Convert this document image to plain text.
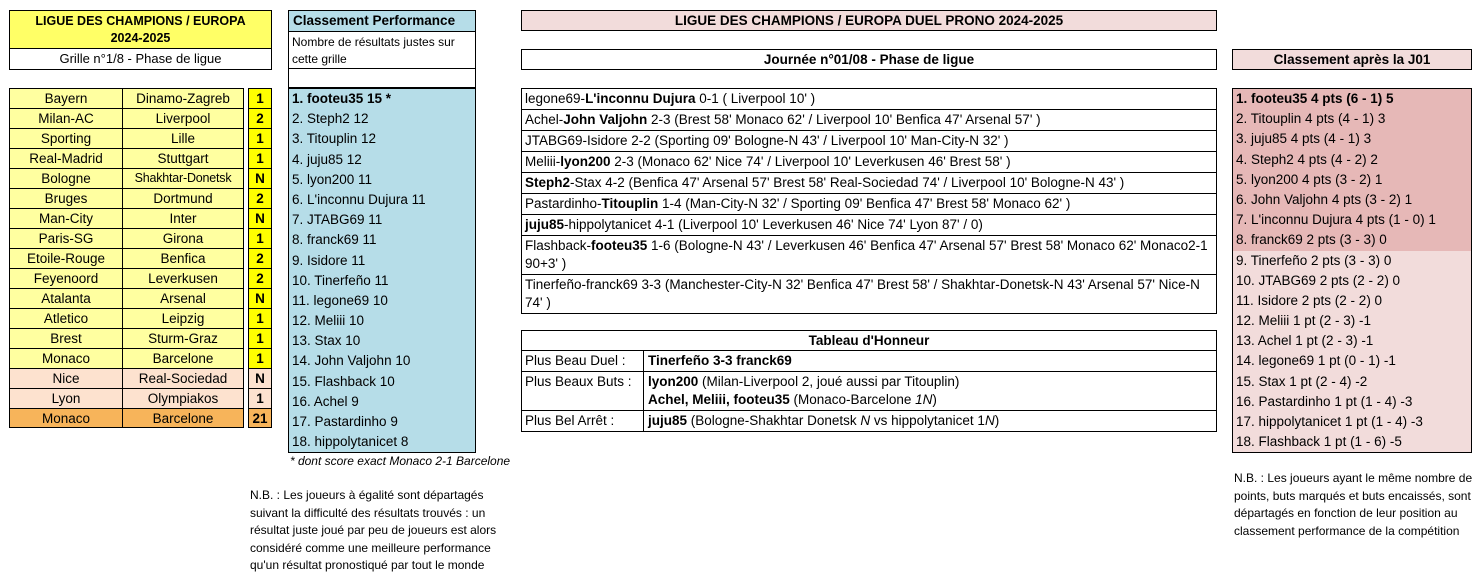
LIGUE DES CHAMPIONS / EUROPA
2024-2025
Grille n°1/8 - Phase de ligue
Bayern	Dinamo-Zagreb	1
Milan-AC	Liverpool	2
Sporting	Lille	1
Real-Madrid	Stuttgart	1
Bologne	Shakhtar-Donetsk	N
Bruges	Dortmund	2
Man-City	Inter	N
Paris-SG	Girona	1
Etoile-Rouge	Benfica	2
Feyenoord	Leverkusen	2
Atalanta	Arsenal	N
Atletico	Leipzig	1
Brest	Sturm-Graz	1
Monaco	Barcelone	1
Nice	Real-Sociedad	N
Lyon	Olympiakos	1
Monaco	Barcelone	21
Classement Performance
Nombre de résultats justes sur cette grille
1. footeu35 15 *
2. Steph2 12
3. Titouplin 12
4. juju85 12
5. lyon200 11
6. L'inconnu Dujura 11
7. JTABG69 11
8. franck69 11
9. Isidore 11
10. Tinerfeño 11
11. legone69 10
12. Meliii 10
13. Stax 10
14. John Valjohn 10
15. Flashback 10
16. Achel 9
17. Pastardinho 9
18. hippolytanicet 8
* dont score exact Monaco 2-1 Barcelone
N.B. : Les joueurs à égalité sont départagés suivant la difficulté des résultats trouvés : un résultat juste joué par peu de joueurs est alors considéré comme une meilleure performance qu'un résultat pronostiqué par tout le monde
LIGUE DES CHAMPIONS / EUROPA DUEL PRONO 2024-2025
Journée n°01/08 - Phase de ligue
legone69-L'inconnu Dujura 0-1 ( Liverpool 10' )
Achel-John Valjohn 2-3 (Brest 58' Monaco 62' / Liverpool 10' Benfica 47' Arsenal 57' )
JTABG69-Isidore 2-2 (Sporting 09' Bologne-N 43' / Liverpool 10' Man-City-N 32' )
Meliii-lyon200 2-3 (Monaco 62' Nice 74' / Liverpool 10' Leverkusen 46' Brest 58' )
Steph2-Stax 4-2 (Benfica 47' Arsenal 57' Brest 58' Real-Sociedad 74' / Liverpool 10' Bologne-N 43' )
Pastardinho-Titouplin 1-4 (Man-City-N 32' / Sporting 09' Benfica 47' Brest 58' Monaco 62' )
juju85-hippolytanicet 4-1 (Liverpool 10' Leverkusen 46' Nice 74' Lyon 87' / 0)
Flashback-footeu35 1-6 (Bologne-N 43' / Leverkusen 46' Benfica 47' Arsenal 57' Brest 58' Monaco 62' Monaco2-1 90+3' )
Tinerfeño-franck69 3-3 (Manchester-City-N 32' Benfica 47' Brest 58' / Shakhtar-Donetsk-N 43' Arsenal 57' Nice-N 74' )
Tableau d'Honneur
Plus Beau Duel :	Tinerfeño 3-3 franck69
Plus Beaux Buts :	lyon200 (Milan-Liverpool 2, joué aussi par Titouplin)
Achel, Meliii, footeu35 (Monaco-Barcelone 1N)
Plus Bel Arrêt :	juju85 (Bologne-Shakhtar Donetsk N vs hippolytanicet 1N)
Classement après la J01
1. footeu35 4 pts (6 - 1) 5
2. Titouplin 4 pts (4 - 1) 3
3. juju85 4 pts (4 - 1) 3
4. Steph2 4 pts (4 - 2) 2
5. lyon200 4 pts (3 - 2) 1
6. John Valjohn 4 pts (3 - 2) 1
7. L'inconnu Dujura 4 pts (1 - 0) 1
8. franck69 2 pts (3 - 3) 0
9. Tinerfeño 2 pts (3 - 3) 0
10. JTABG69 2 pts (2 - 2) 0
11. Isidore 2 pts (2 - 2) 0
12. Meliii 1 pt (2 - 3) -1
13. Achel 1 pt (2 - 3) -1
14. legone69 1 pt (0 - 1) -1
15. Stax 1 pt (2 - 4) -2
16. Pastardinho 1 pt (1 - 4) -3
17. hippolytanicet 1 pt (1 - 4) -3
18. Flashback 1 pt (1 - 6) -5
N.B. : Les joueurs ayant le même nombre de points, buts marqués et buts encaissés, sont départagés en fonction de leur position au classement performance de la compétition
